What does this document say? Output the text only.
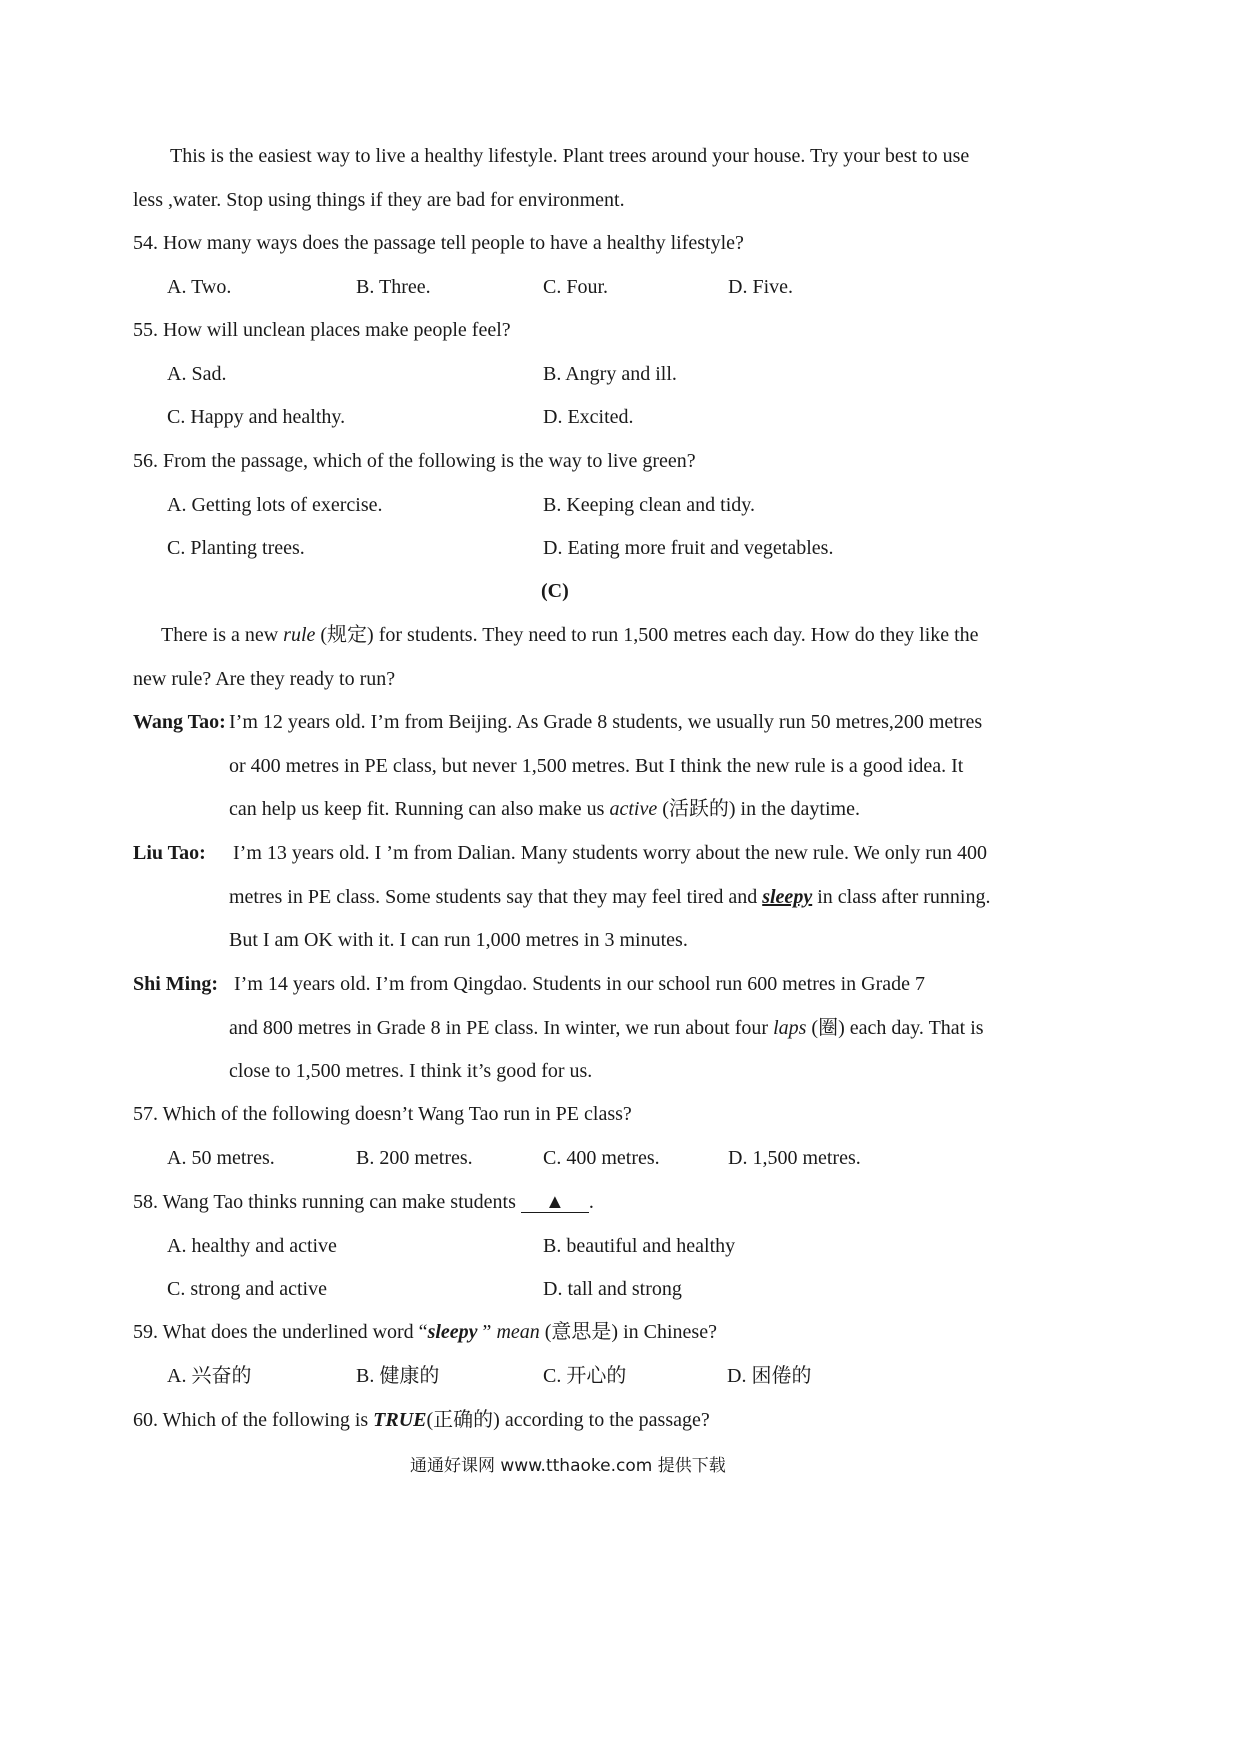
This is the easiest way to live a healthy lifestyle. Plant trees around your house. Try your best to use
less ,water. Stop using things if they are bad for environment.
54. How many ways does the passage tell people to have a healthy lifestyle?
A. Two.	B. Three.	C. Four.	D. Five.
55. How will unclean places make people feel?
A. Sad.	B. Angry and ill.
C. Happy and healthy.	D. Excited.
56. From the passage, which of the following is the way to live green?
A. Getting lots of exercise.	B. Keeping clean and tidy.
C. Planting trees.	D. Eating more fruit and vegetables.
(C)
There is a new rule (规定) for students. They need to run 1,500 metres each day. How do they like the
new rule? Are they ready to run?
Wang Tao: I’m 12 years old. I’m from Beijing. As Grade 8 students, we usually run 50 metres,200 metres
or 400 metres in PE class, but never 1,500 metres. But I think the new rule is a good idea. It
can help us keep fit. Running can also make us active (活跃的) in the daytime.
Liu Tao: I’m 13 years old. I ’m from Dalian. Many students worry about the new rule. We only run 400
metres in PE class. Some students say that they may feel tired and sleepy in class after running.
But I am OK with it. I can run 1,000 metres in 3 minutes.
Shi Ming: I’m 14 years old. I’m from Qingdao. Students in our school run 600 metres in Grade 7
and 800 metres in Grade 8 in PE class. In winter, we run about four laps (圈) each day. That is
close to 1,500 metres. I think it’s good for us.
57. Which of the following doesn’t Wang Tao run in PE class?
A. 50 metres.	B. 200 metres.	C. 400 metres.	D. 1,500 metres.
58. Wang Tao thinks running can make students ▲ .
A. healthy and active	B. beautiful and healthy
C. strong and active	D. tall and strong
59. What does the underlined word “sleepy ” mean (意思是) in Chinese?
A. 兴奋的	B. 健康的	C. 开心的	D. 困倦的
60. Which of the following is TRUE(正确的) according to the passage?
通通好课网 www.tthaoke.com 提供下载
